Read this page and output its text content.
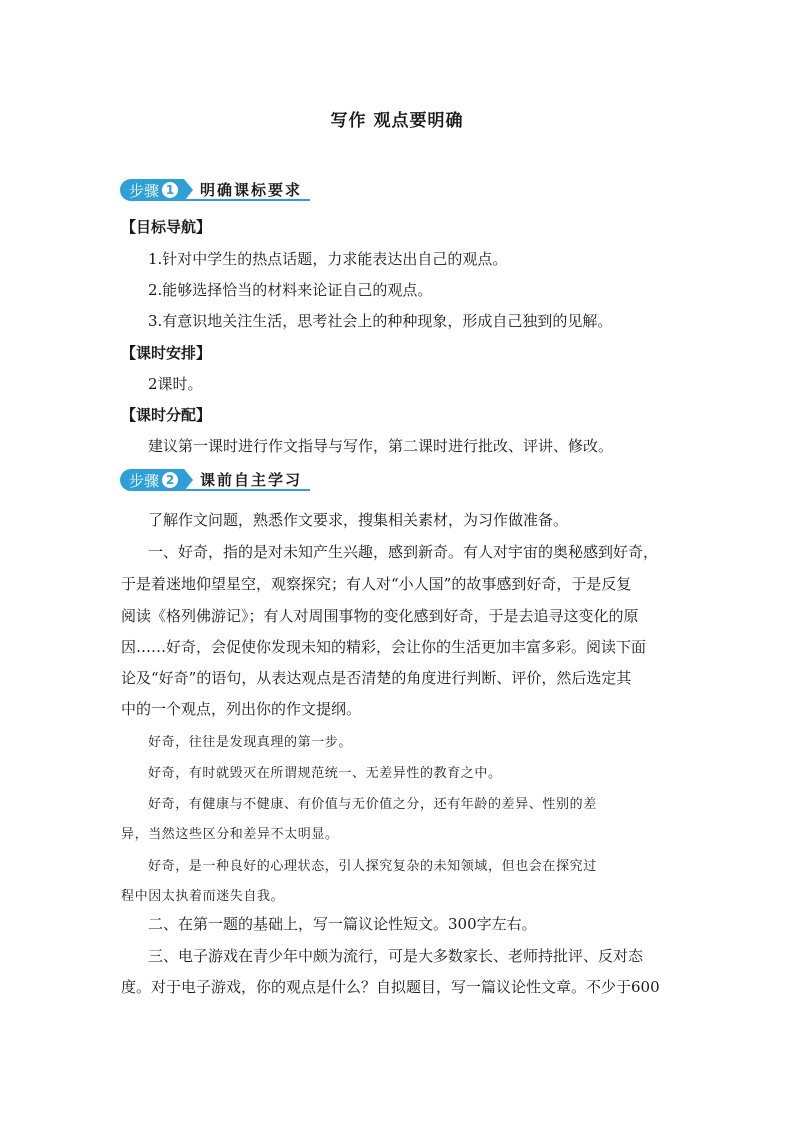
写作 观点要明确
步骤 1	明确课标要求
【目标导航】
1.针对中学生的热点话题，力求能表达出自己的观点。
2.能够选择恰当的材料来论证自己的观点。
3.有意识地关注生活，思考社会上的种种现象，形成自己独到的见解。
【课时安排】
2课时。
【课时分配】
建议第一课时进行作文指导与写作，第二课时进行批改、评讲、修改。
步骤 2	课前自主学习
了解作文问题，熟悉作文要求，搜集相关素材，为习作做准备。
一、好奇，指的是对未知产生兴趣，感到新奇。有人对宇宙的奥秘感到好奇，
于是着迷地仰望星空，观察探究；有人对“小人国”的故事感到好奇，于是反复
阅读《格列佛游记》；有人对周围事物的变化感到好奇，于是去追寻这变化的原
因……好奇，会促使你发现未知的精彩，会让你的生活更加丰富多彩。阅读下面
论及“好奇”的语句，从表达观点是否清楚的角度进行判断、评价，然后选定其
中的一个观点，列出你的作文提纲。
好奇，往往是发现真理的第一步。
好奇，有时就毁灭在所谓规范统一、无差异性的教育之中。
好奇，有健康与不健康、有价值与无价值之分，还有年龄的差异、性别的差
异，当然这些区分和差异不太明显。
好奇，是一种良好的心理状态，引人探究复杂的未知领域，但也会在探究过
程中因太执着而迷失自我。
二、在第一题的基础上，写一篇议论性短文。300字左右。
三、电子游戏在青少年中颇为流行，可是大多数家长、老师持批评、反对态
度。对于电子游戏，你的观点是什么？自拟题目，写一篇议论性文章。不少于600
